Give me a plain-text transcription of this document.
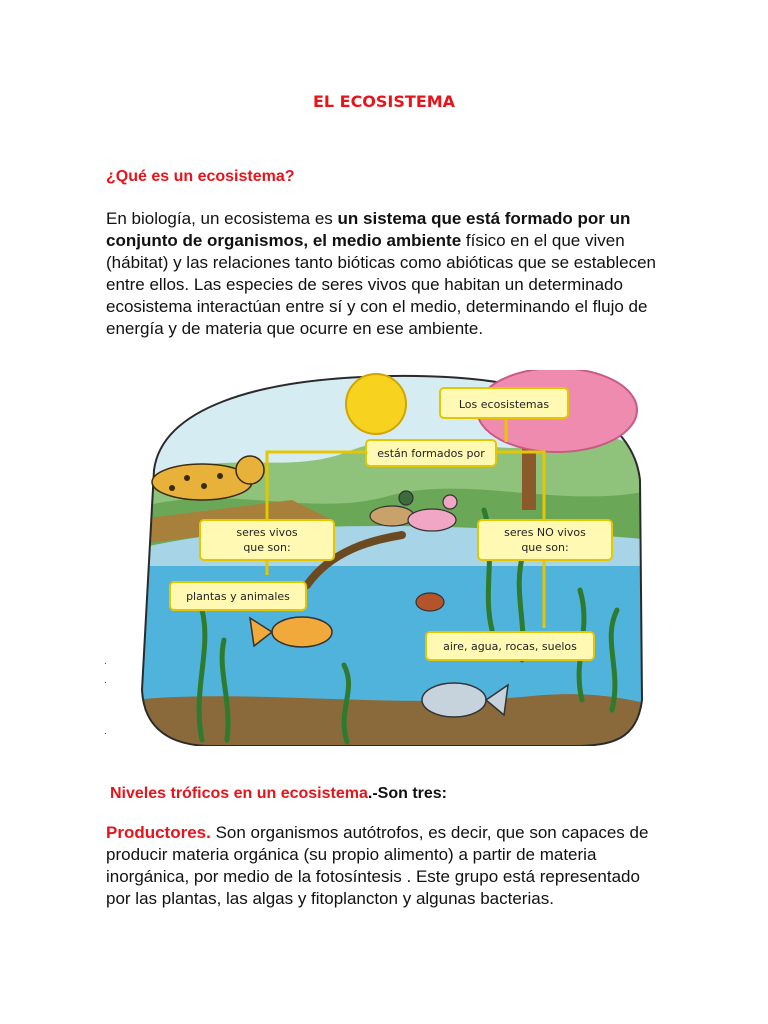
EL ECOSISTEMA
¿Qué es un ecosistema?
En biología, un ecosistema es un sistema que está formado por un conjunto de organismos, el medio ambiente físico en el que viven (hábitat) y las relaciones tanto bióticas como abióticas que se establecen entre ellos. Las especies de seres vivos que habitan un determinado ecosistema interactúan entre sí y con el medio, determinando el flujo de energía y de materia que ocurre en ese ambiente.
Los ecosistemas
están formados por
seres vivos
que son:
plantas y animales
seres NO vivos
que son:
aire, agua, rocas, suelos
.
.
.
Niveles tróficos en un ecosistema.-Son tres:
Productores. Son organismos autótrofos, es decir, que son capaces de producir materia orgánica (su propio alimento) a partir de materia inorgánica, por medio de la fotosíntesis . Este grupo está representado por las plantas, las algas y fitoplancton y algunas bacterias.
